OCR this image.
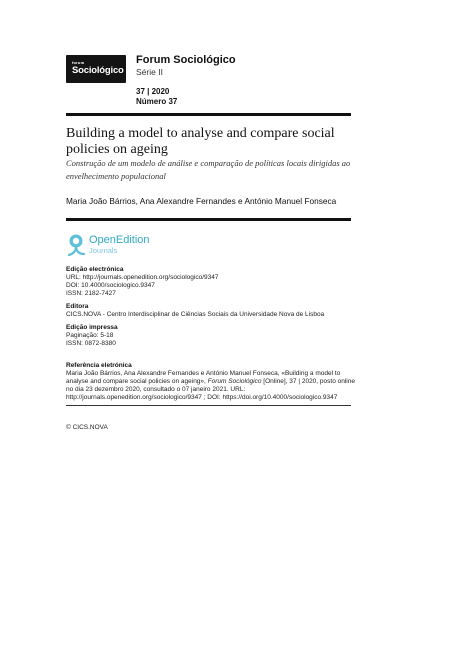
forum
Sociológico
Forum Sociológico
Série II
37 | 2020
Número 37
Building a model to analyse and compare social policies on ageing
Construção de um modelo de análise e comparação de políticas locais dirigidas ao envelhecimento populacional
Maria João Bárrios, Ana Alexandre Fernandes e António Manuel Fonseca
OpenEdition
Journals
Edição electrónica
URL: http://journals.openedition.org/sociologico/9347
DOI: 10.4000/sociologico.9347
ISSN: 2182-7427
Editora
CICS.NOVA - Centro Interdisciplinar de Ciências Sociais da Universidade Nova de Lisboa
Edição impressa
Paginação: 5-18
ISSN: 0872-8380
Referência eletrónica
Maria João Bárrios, Ana Alexandre Fernandes e António Manuel Fonseca, «Building a model to analyse and compare social policies on ageing», Forum Sociológico [Online], 37 | 2020, posto online no dia 23 dezembro 2020, consultado o 07 janeiro 2021. URL: http://journals.openedition.org/sociologico/9347 ; DOI: https://doi.org/10.4000/sociologico.9347
© CICS.NOVA
